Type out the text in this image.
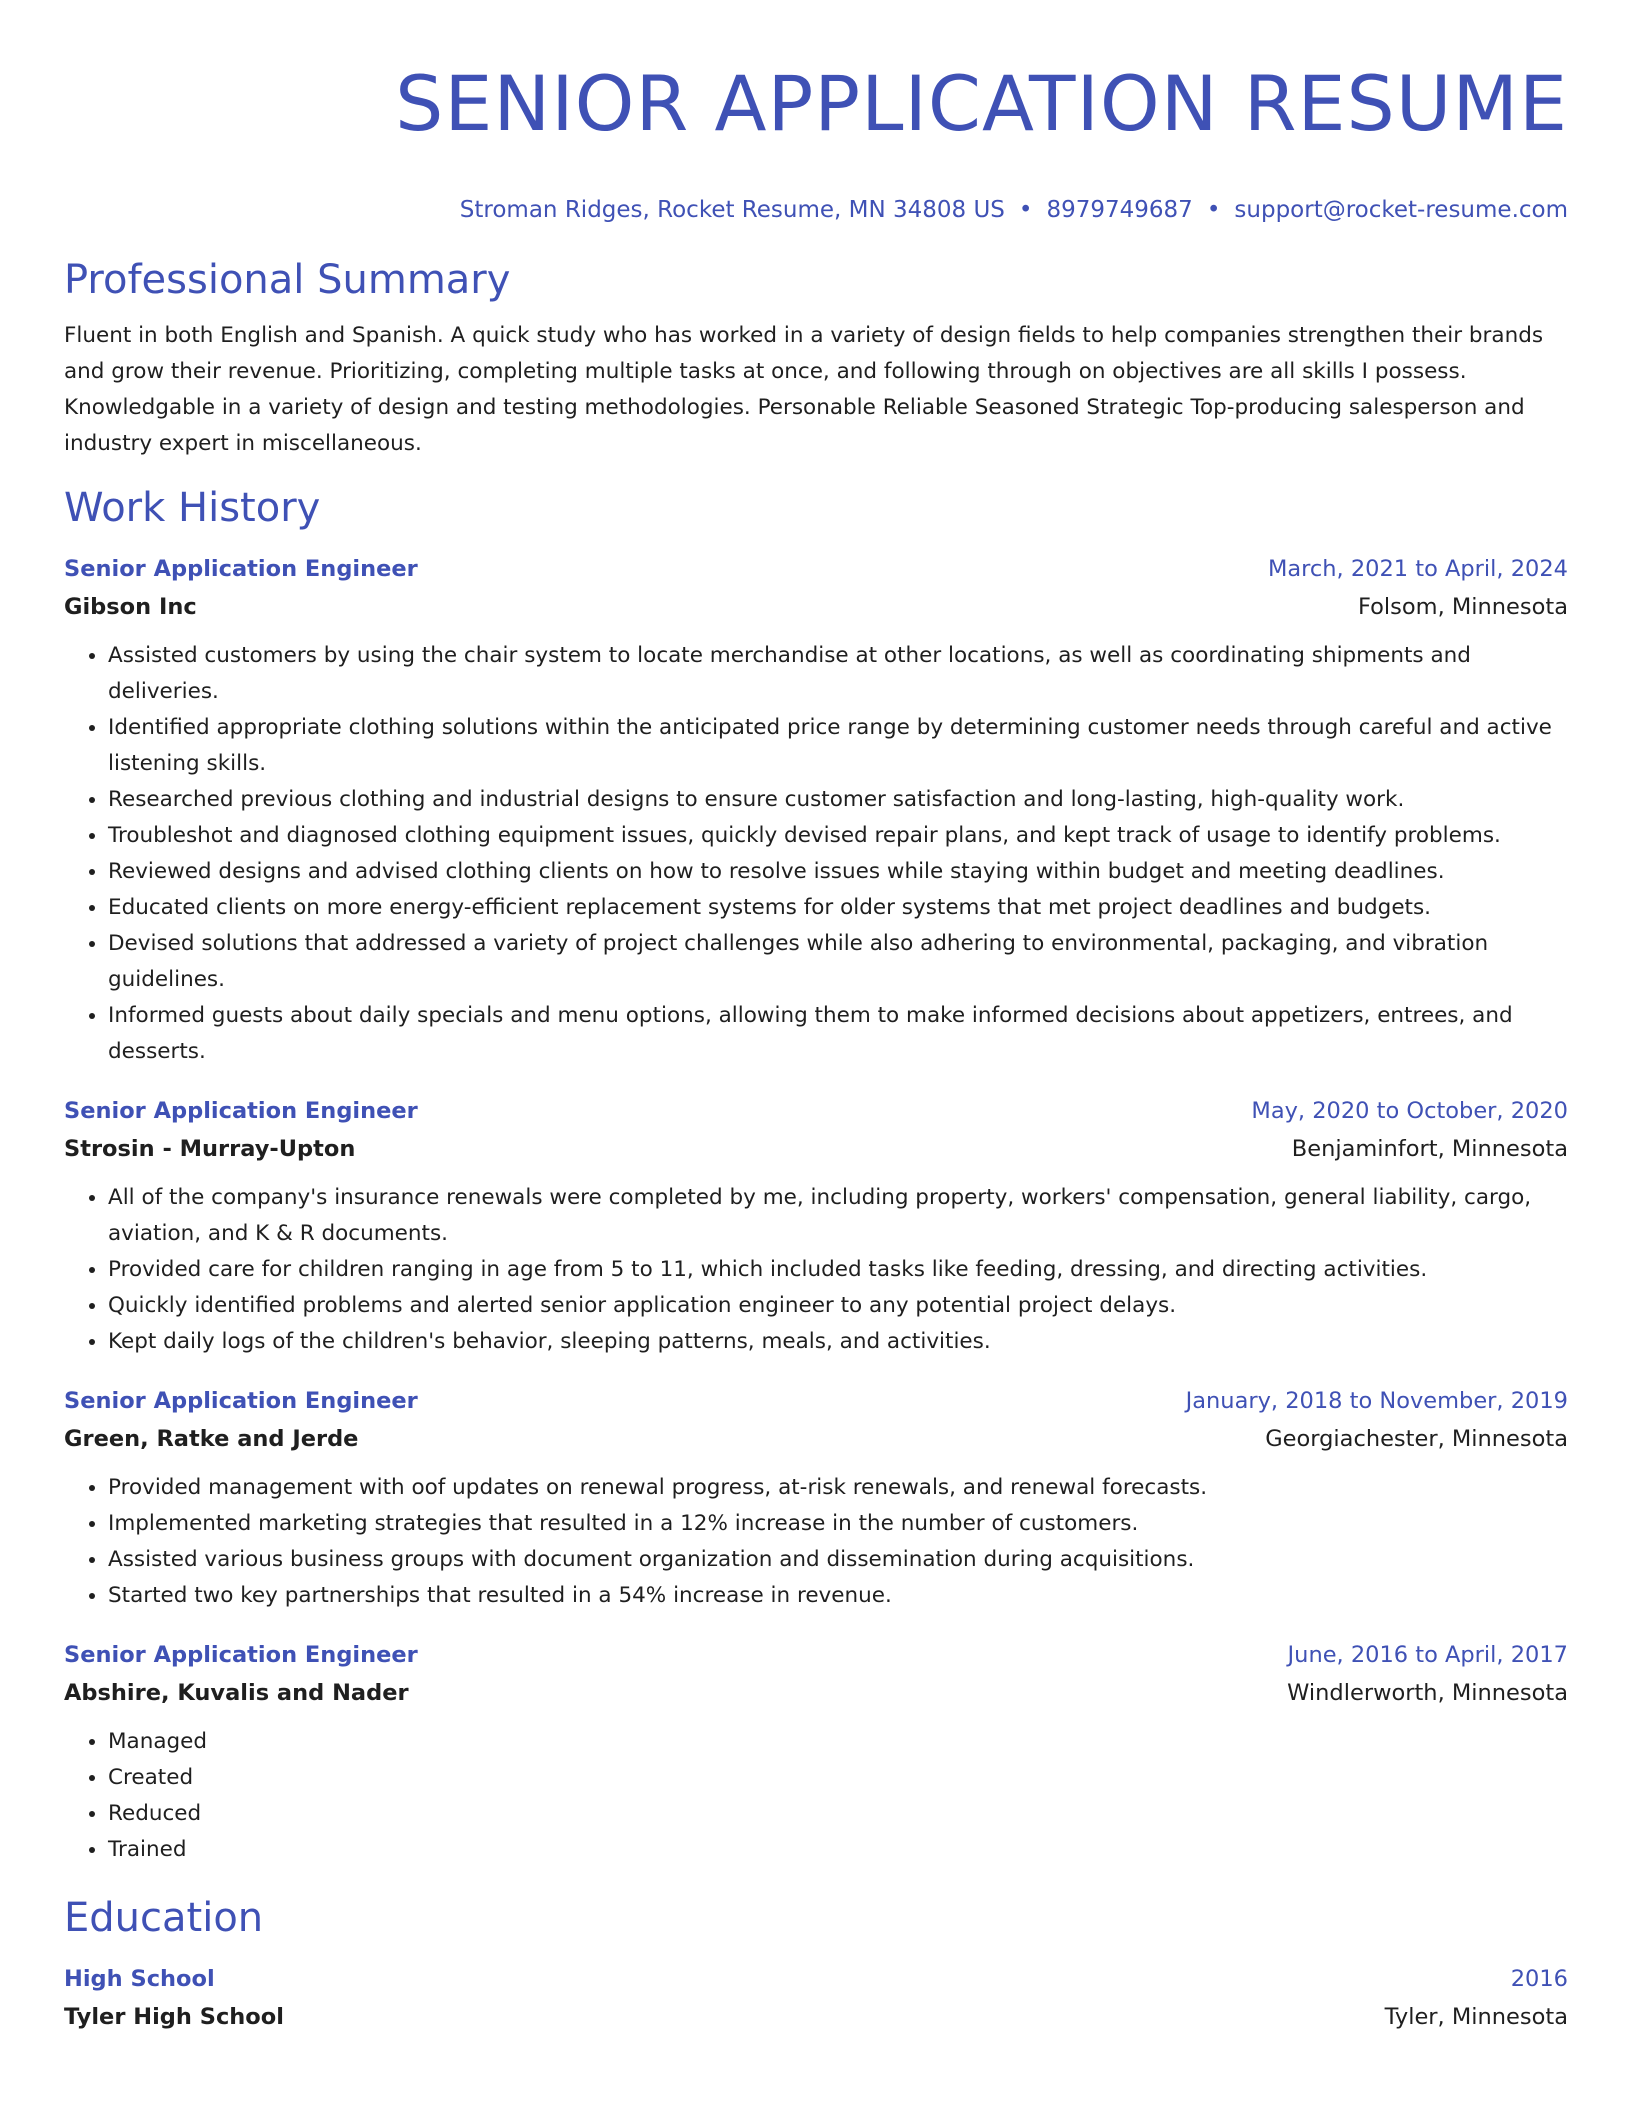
SENIOR APPLICATION RESUME
Stroman Ridges, Rocket Resume, MN 34808 US • 8979749687 • support@rocket-resume.com
Professional Summary

Fluent in both English and Spanish. A quick study who has worked in a variety of design fields to help companies strengthen their brands and grow their revenue. Prioritizing, completing multiple tasks at once, and following through on objectives are all skills I possess. Knowledgable in a variety of design and testing methodologies. Personable Reliable Seasoned Strategic Top-producing salesperson and industry expert in miscellaneous.

Work History
Senior Application Engineer	March, 2021 to April, 2024
Gibson Inc	Folsom, Minnesota
• Assisted customers by using the chair system to locate merchandise at other locations, as well as coordinating shipments and deliveries.
• Identified appropriate clothing solutions within the anticipated price range by determining customer needs through careful and active listening skills.
• Researched previous clothing and industrial designs to ensure customer satisfaction and long-lasting, high-quality work.
• Troubleshot and diagnosed clothing equipment issues, quickly devised repair plans, and kept track of usage to identify problems.
• Reviewed designs and advised clothing clients on how to resolve issues while staying within budget and meeting deadlines.
• Educated clients on more energy-efficient replacement systems for older systems that met project deadlines and budgets.
• Devised solutions that addressed a variety of project challenges while also adhering to environmental, packaging, and vibration guidelines.
• Informed guests about daily specials and menu options, allowing them to make informed decisions about appetizers, entrees, and desserts.
Senior Application Engineer	May, 2020 to October, 2020
Strosin - Murray-Upton	Benjaminfort, Minnesota
• All of the company's insurance renewals were completed by me, including property, workers' compensation, general liability, cargo, aviation, and K & R documents.
• Provided care for children ranging in age from 5 to 11, which included tasks like feeding, dressing, and directing activities.
• Quickly identified problems and alerted senior application engineer to any potential project delays.
• Kept daily logs of the children's behavior, sleeping patterns, meals, and activities.
Senior Application Engineer	January, 2018 to November, 2019
Green, Ratke and Jerde	Georgiachester, Minnesota
• Provided management with oof updates on renewal progress, at-risk renewals, and renewal forecasts.
• Implemented marketing strategies that resulted in a 12% increase in the number of customers.
• Assisted various business groups with document organization and dissemination during acquisitions.
• Started two key partnerships that resulted in a 54% increase in revenue.
Senior Application Engineer	June, 2016 to April, 2017
Abshire, Kuvalis and Nader	Windlerworth, Minnesota
• Managed
• Created
• Reduced
• Trained
Education
High School	2016
Tyler High School	Tyler, Minnesota
